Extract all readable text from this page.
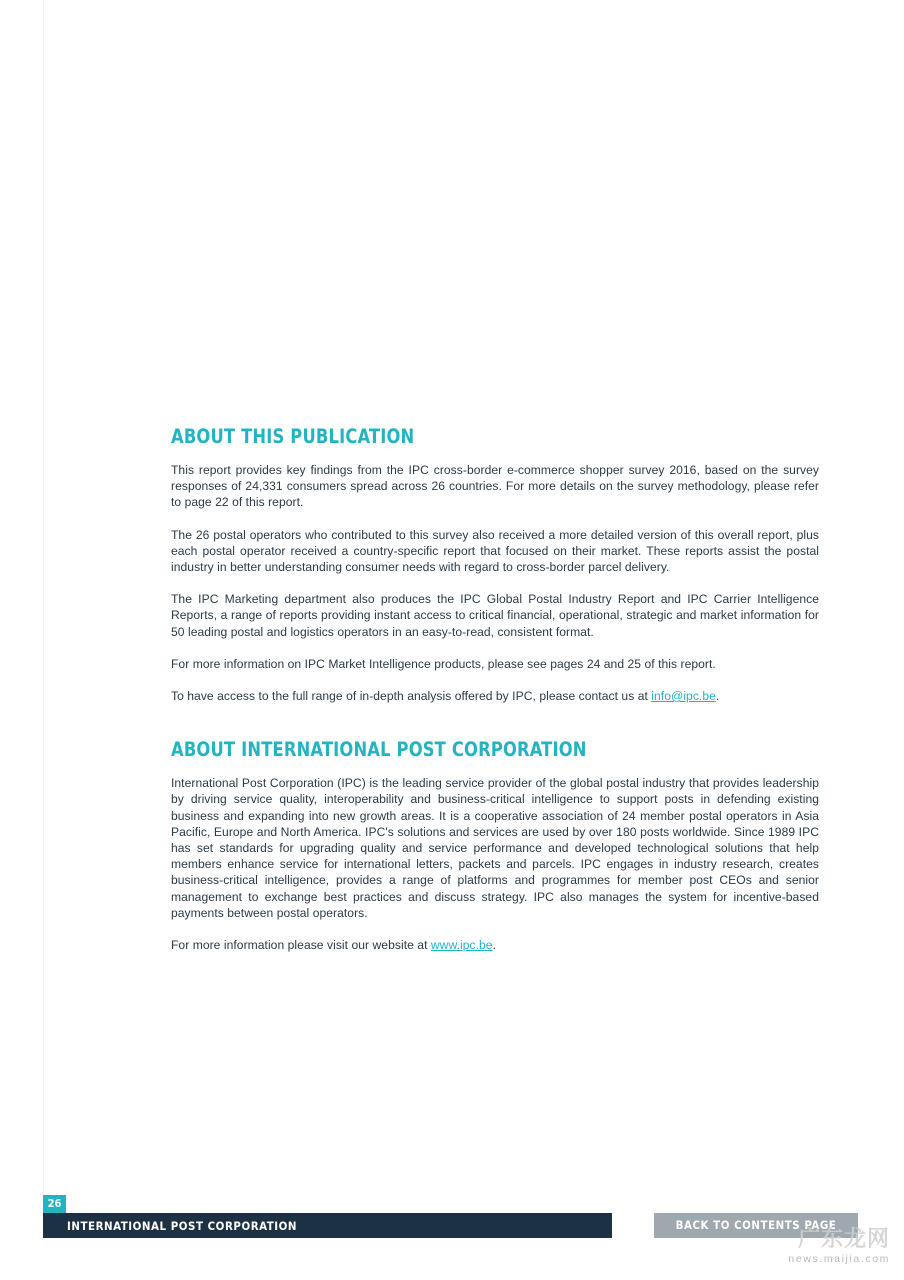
ABOUT THIS PUBLICATION

This report provides key findings from the IPC cross-border e-commerce shopper survey 2016, based on the survey responses of 24,331 consumers spread across 26 countries. For more details on the survey methodology, please refer to page 22 of this report.

The 26 postal operators who contributed to this survey also received a more detailed version of this overall report, plus each postal operator received a country-specific report that focused on their market. These reports assist the postal industry in better understanding consumer needs with regard to cross-border parcel delivery.

The IPC Marketing department also produces the IPC Global Postal Industry Report and IPC Carrier Intelligence Reports, a range of reports providing instant access to critical financial, operational, strategic and market information for 50 leading postal and logistics operators in an easy-to-read, consistent format.

For more information on IPC Market Intelligence products, please see pages 24 and 25 of this report.

To have access to the full range of in-depth analysis offered by IPC, please contact us at info@ipc.be.

ABOUT INTERNATIONAL POST CORPORATION

International Post Corporation (IPC) is the leading service provider of the global postal industry that provides leadership by driving service quality, interoperability and business-critical intelligence to support posts in defending existing business and expanding into new growth areas. It is a cooperative association of 24 member postal operators in Asia Pacific, Europe and North America. IPC's solutions and services are used by over 180 posts worldwide. Since 1989 IPC has set standards for upgrading quality and service performance and developed technological solutions that help members enhance service for international letters, packets and parcels. IPC engages in industry research, creates business-critical intelligence, provides a range of platforms and programmes for member post CEOs and senior management to exchange best practices and discuss strategy. IPC also manages the system for incentive-based payments between postal operators.

For more information please visit our website at www.ipc.be.

26
INTERNATIONAL POST CORPORATION	BACK TO CONTENTS PAGE
广东龙网
news.maijia.com
